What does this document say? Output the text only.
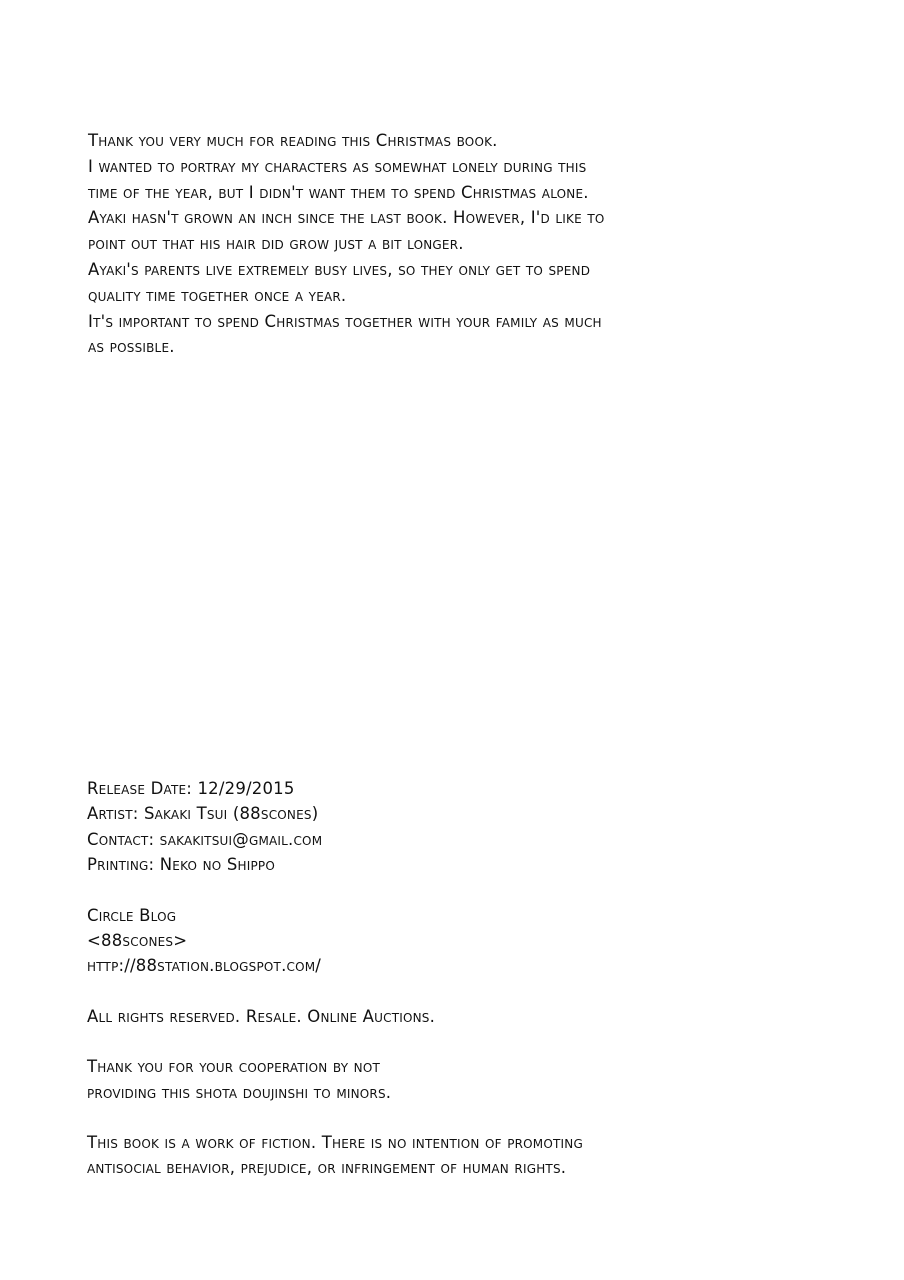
Thank you very much for reading this Christmas book.
I wanted to portray my characters as somewhat lonely during this
time of the year, but I didn't want them to spend Christmas alone.
Ayaki hasn't grown an inch since the last book. However, I'd like to
point out that his hair did grow just a bit longer.
Ayaki's parents live extremely busy lives, so they only get to spend
quality time together once a year.
It's important to spend Christmas together with your family as much
as possible.
Release Date: 12/29/2015
Artist: Sakaki Tsui (88scones)
Contact: sakakitsui@gmail.com
Printing: Neko no Shippo
Circle Blog
<88scones>
http://88station.blogspot.com/
All rights reserved. Resale. Online Auctions.
Thank you for your cooperation by not
providing this shota doujinshi to minors.
This book is a work of fiction. There is no intention of promoting
antisocial behavior, prejudice, or infringement of human rights.
